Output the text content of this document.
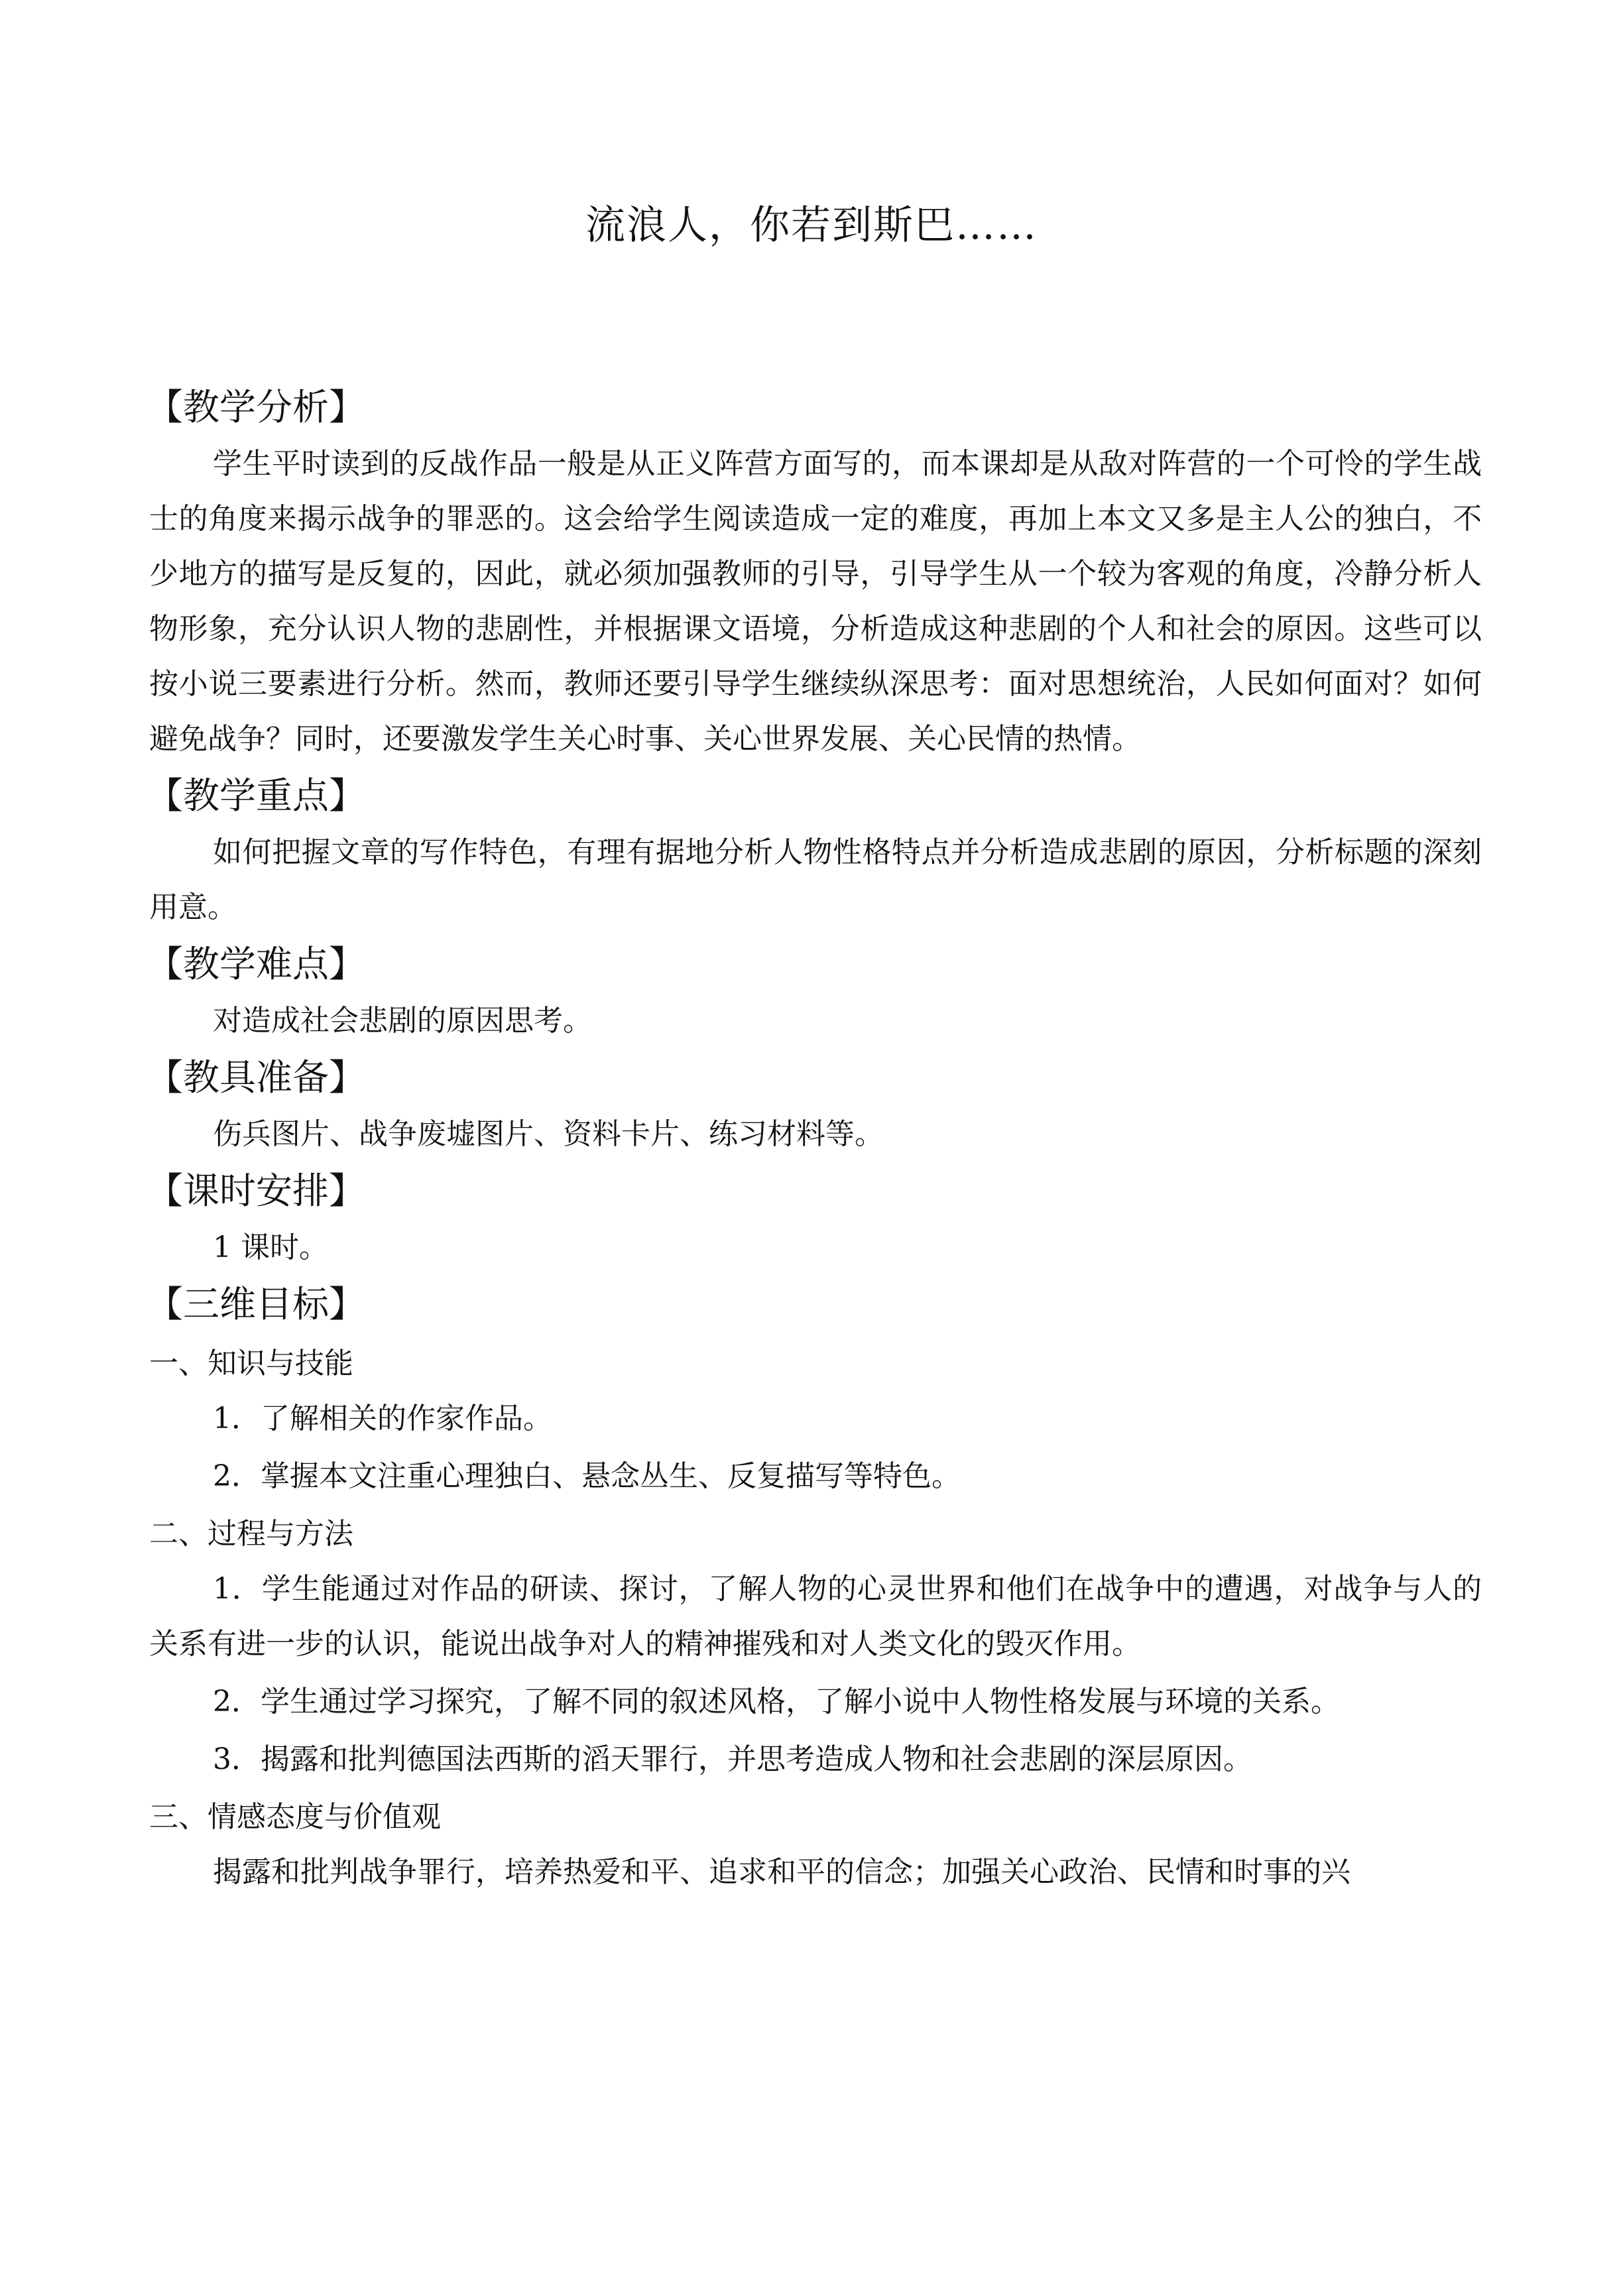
流浪人，你若到斯巴……
【教学分析】
学生平时读到的反战作品一般是从正义阵营方面写的，而本课却是从敌对阵营的一个可怜的学生战士的角度来揭示战争的罪恶的。这会给学生阅读造成一定的难度，再加上本文又多是主人公的独白，不少地方的描写是反复的，因此，就必须加强教师的引导，引导学生从一个较为客观的角度，冷静分析人物形象，充分认识人物的悲剧性，并根据课文语境，分析造成这种悲剧的个人和社会的原因。这些可以按小说三要素进行分析。然而，教师还要引导学生继续纵深思考：面对思想统治，人民如何面对？如何避免战争？同时，还要激发学生关心时事、关心世界发展、关心民情的热情。
【教学重点】
如何把握文章的写作特色，有理有据地分析人物性格特点并分析造成悲剧的原因，分析标题的深刻用意。
【教学难点】
对造成社会悲剧的原因思考。
【教具准备】
伤兵图片、战争废墟图片、资料卡片、练习材料等。
【课时安排】
1 课时。
【三维目标】
一、知识与技能
1．了解相关的作家作品。
2．掌握本文注重心理独白、悬念丛生、反复描写等特色。
二、过程与方法
1．学生能通过对作品的研读、探讨，了解人物的心灵世界和他们在战争中的遭遇，对战争与人的关系有进一步的认识，能说出战争对人的精神摧残和对人类文化的毁灭作用。
2．学生通过学习探究，了解不同的叙述风格，了解小说中人物性格发展与环境的关系。
3．揭露和批判德国法西斯的滔天罪行，并思考造成人物和社会悲剧的深层原因。
三、情感态度与价值观
揭露和批判战争罪行，培养热爱和平、追求和平的信念；加强关心政治、民情和时事的兴
